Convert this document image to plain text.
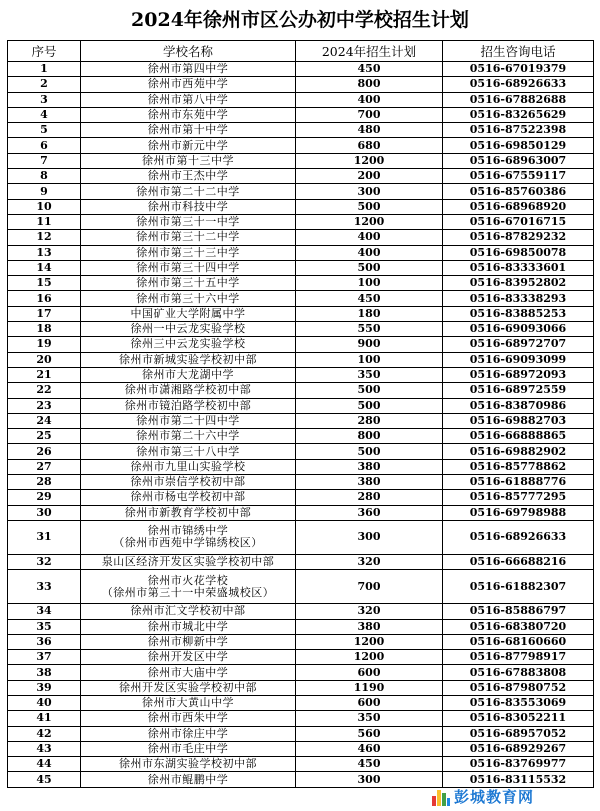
2024年徐州市区公办初中学校招生计划
序号	学校名称	2024年招生计划	招生咨询电话
1	徐州市第四中学	450	0516-67019379
2	徐州市西苑中学	800	0516-68926633
3	徐州市第八中学	400	0516-67882688
4	徐州市东苑中学	700	0516-83265629
5	徐州市第十中学	480	0516-87522398
6	徐州市新元中学	680	0516-69850129
7	徐州市第十三中学	1200	0516-68963007
8	徐州市王杰中学	200	0516-67559117
9	徐州市第二十二中学	300	0516-85760386
10	徐州市科技中学	500	0516-68968920
11	徐州市第三十一中学	1200	0516-67016715
12	徐州市第三十二中学	400	0516-87829232
13	徐州市第三十三中学	400	0516-69850078
14	徐州市第三十四中学	500	0516-83333601
15	徐州市第三十五中学	100	0516-83952802
16	徐州市第三十六中学	450	0516-83338293
17	中国矿业大学附属中学	180	0516-83885253
18	徐州一中云龙实验学校	550	0516-69093066
19	徐州三中云龙实验学校	900	0516-68972707
20	徐州市新城实验学校初中部	100	0516-69093099
21	徐州市大龙湖中学	350	0516-68972093
22	徐州市潇湘路学校初中部	500	0516-68972559
23	徐州市镜泊路学校初中部	500	0516-83870986
24	徐州市第二十四中学	280	0516-69882703
25	徐州市第二十六中学	800	0516-66888865
26	徐州市第三十八中学	500	0516-69882902
27	徐州市九里山实验学校	380	0516-85778862
28	徐州市崇信学校初中部	380	0516-61888776
29	徐州市杨屯学校初中部	280	0516-85777295
30	徐州市新教育学校初中部	360	0516-69798988
31	徐州市锦绣中学
（徐州市西苑中学锦绣校区）	300	0516-68926633
32	泉山区经济开发区实验学校初中部	320	0516-66688216
33	徐州市火花学校
（徐州市第三十一中荣盛城校区）	700	0516-61882307
34	徐州市汇文学校初中部	320	0516-85886797
35	徐州市城北中学	380	0516-68380720
36	徐州市柳新中学	1200	0516-68160660
37	徐州开发区中学	1200	0516-87798917
38	徐州市大庙中学	600	0516-67883808
39	徐州开发区实验学校初中部	1190	0516-87980752
40	徐州市大黄山中学	600	0516-83553069
41	徐州市西朱中学	350	0516-83052211
42	徐州市徐庄中学	560	0516-68957052
43	徐州市毛庄中学	460	0516-68929267
44	徐州市东湖实验学校初中部	450	0516-83769977
45	徐州市鲲鹏中学	300	0516-83115532
彭城教育网
